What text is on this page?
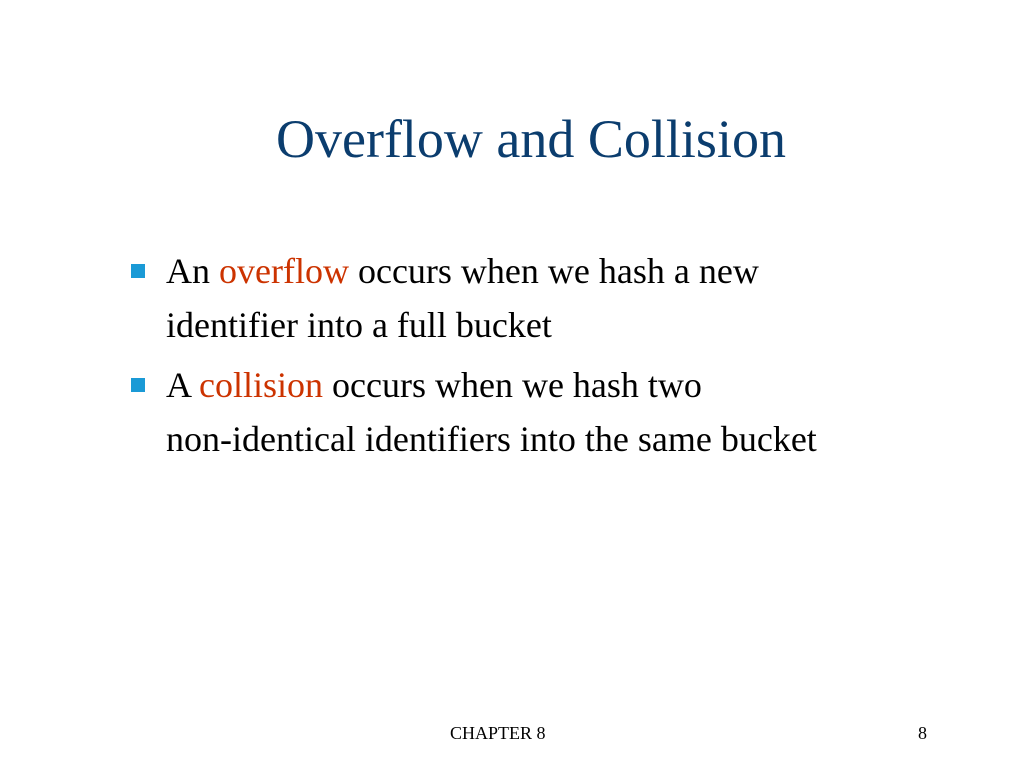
Overflow and Collision
An overflow occurs when we hash a new
identifier into a full bucket
A collision occurs when we hash two
non-identical identifiers into the same bucket
CHAPTER 8	8
